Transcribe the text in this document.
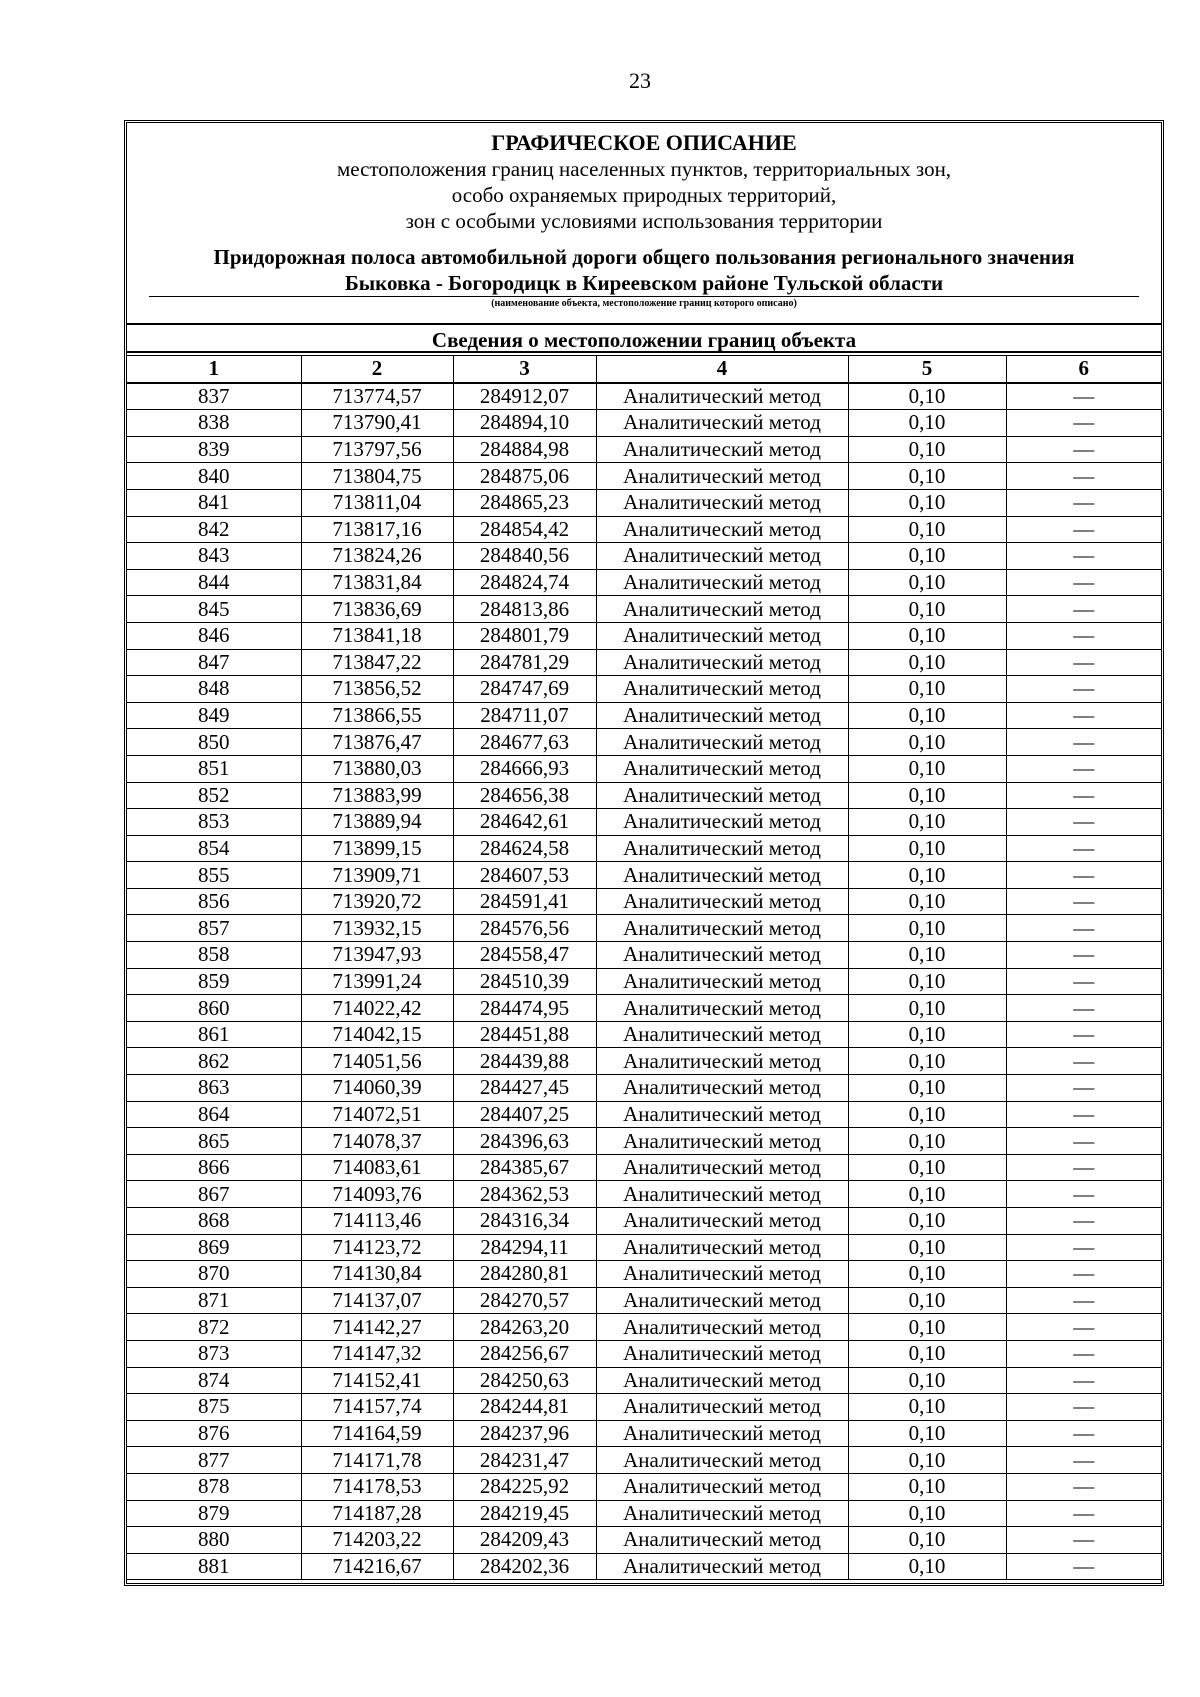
23
ГРАФИЧЕСКОЕ ОПИСАНИЕ
местоположения границ населенных пунктов, территориальных зон,
особо охраняемых природных территорий,
зон с особыми условиями использования территории
Придорожная полоса автомобильной дороги общего пользования регионального значения
Быковка - Богородицк в Киреевском районе Тульской области
(наименование объекта, местоположение границ которого описано)
Сведения о местоположении границ объекта
1	2	3	4	5	6
837	713774,57	284912,07	Аналитический метод	0,10	—
838	713790,41	284894,10	Аналитический метод	0,10	—
839	713797,56	284884,98	Аналитический метод	0,10	—
840	713804,75	284875,06	Аналитический метод	0,10	—
841	713811,04	284865,23	Аналитический метод	0,10	—
842	713817,16	284854,42	Аналитический метод	0,10	—
843	713824,26	284840,56	Аналитический метод	0,10	—
844	713831,84	284824,74	Аналитический метод	0,10	—
845	713836,69	284813,86	Аналитический метод	0,10	—
846	713841,18	284801,79	Аналитический метод	0,10	—
847	713847,22	284781,29	Аналитический метод	0,10	—
848	713856,52	284747,69	Аналитический метод	0,10	—
849	713866,55	284711,07	Аналитический метод	0,10	—
850	713876,47	284677,63	Аналитический метод	0,10	—
851	713880,03	284666,93	Аналитический метод	0,10	—
852	713883,99	284656,38	Аналитический метод	0,10	—
853	713889,94	284642,61	Аналитический метод	0,10	—
854	713899,15	284624,58	Аналитический метод	0,10	—
855	713909,71	284607,53	Аналитический метод	0,10	—
856	713920,72	284591,41	Аналитический метод	0,10	—
857	713932,15	284576,56	Аналитический метод	0,10	—
858	713947,93	284558,47	Аналитический метод	0,10	—
859	713991,24	284510,39	Аналитический метод	0,10	—
860	714022,42	284474,95	Аналитический метод	0,10	—
861	714042,15	284451,88	Аналитический метод	0,10	—
862	714051,56	284439,88	Аналитический метод	0,10	—
863	714060,39	284427,45	Аналитический метод	0,10	—
864	714072,51	284407,25	Аналитический метод	0,10	—
865	714078,37	284396,63	Аналитический метод	0,10	—
866	714083,61	284385,67	Аналитический метод	0,10	—
867	714093,76	284362,53	Аналитический метод	0,10	—
868	714113,46	284316,34	Аналитический метод	0,10	—
869	714123,72	284294,11	Аналитический метод	0,10	—
870	714130,84	284280,81	Аналитический метод	0,10	—
871	714137,07	284270,57	Аналитический метод	0,10	—
872	714142,27	284263,20	Аналитический метод	0,10	—
873	714147,32	284256,67	Аналитический метод	0,10	—
874	714152,41	284250,63	Аналитический метод	0,10	—
875	714157,74	284244,81	Аналитический метод	0,10	—
876	714164,59	284237,96	Аналитический метод	0,10	—
877	714171,78	284231,47	Аналитический метод	0,10	—
878	714178,53	284225,92	Аналитический метод	0,10	—
879	714187,28	284219,45	Аналитический метод	0,10	—
880	714203,22	284209,43	Аналитический метод	0,10	—
881	714216,67	284202,36	Аналитический метод	0,10	—
